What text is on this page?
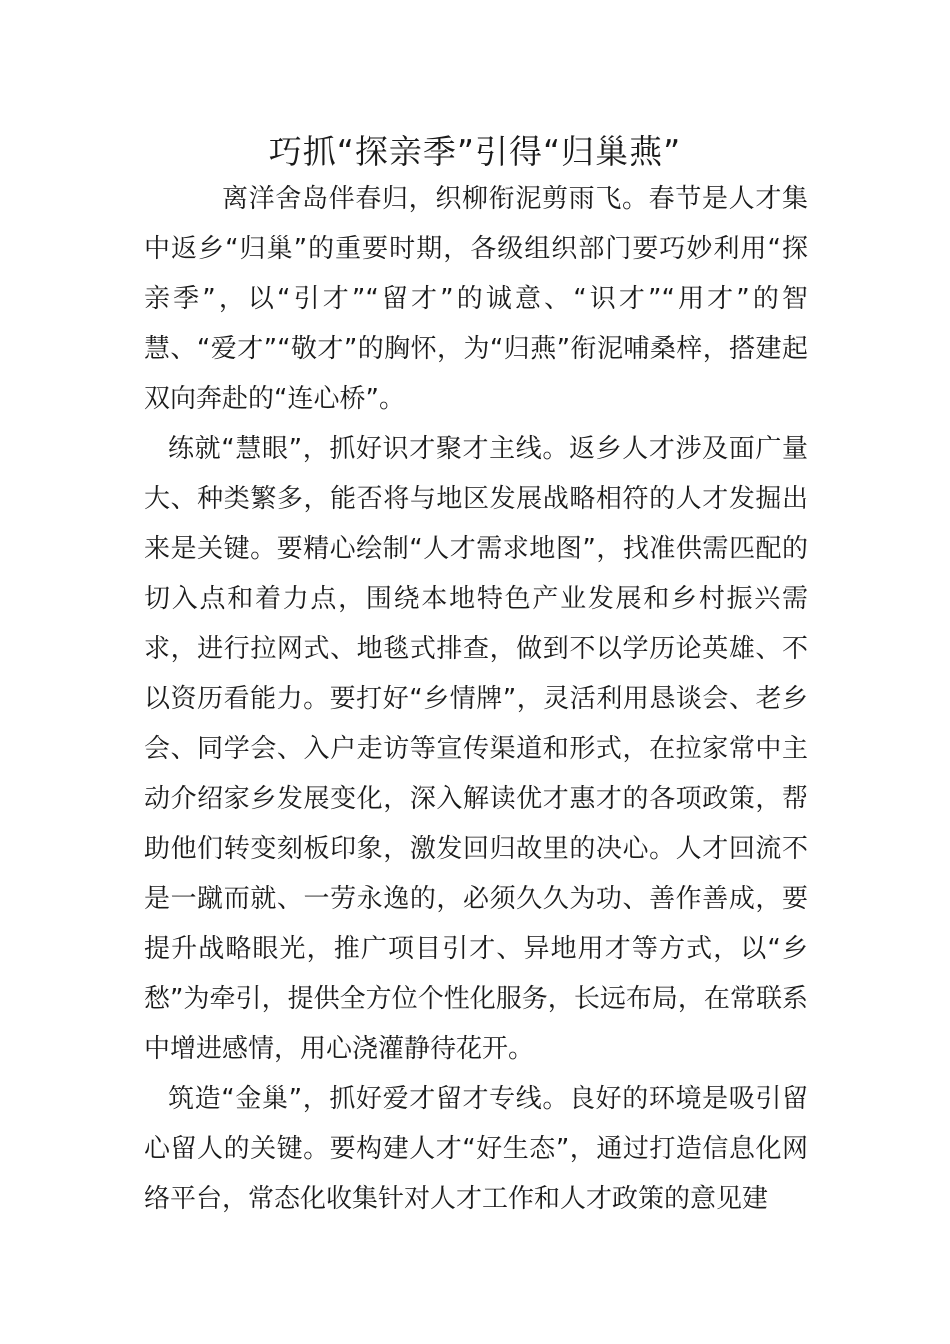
巧抓“探亲季”引得“归巢燕”

离洋舍岛伴春归，织柳衔泥剪雨飞。春节是人才集中返乡“归巢”的重要时期，各级组织部门要巧妙利用“探亲季”，以“引才”“留才”的诚意、“识才”“用才”的智慧、“爱才”“敬才”的胸怀，为“归燕”衔泥哺桑梓，搭建起双向奔赴的“连心桥”。

练就“慧眼”，抓好识才聚才主线。返乡人才涉及面广量大、种类繁多，能否将与地区发展战略相符的人才发掘出来是关键。要精心绘制“人才需求地图”，找准供需匹配的切入点和着力点，围绕本地特色产业发展和乡村振兴需求，进行拉网式、地毯式排查，做到不以学历论英雄、不以资历看能力。要打好“乡情牌”，灵活利用恳谈会、老乡会、同学会、入户走访等宣传渠道和形式，在拉家常中主动介绍家乡发展变化，深入解读优才惠才的各项政策，帮助他们转变刻板印象，激发回归故里的决心。人才回流不是一蹴而就、一劳永逸的，必须久久为功、善作善成，要提升战略眼光，推广项目引才、异地用才等方式，以“乡愁”为牵引，提供全方位个性化服务，长远布局，在常联系中增进感情，用心浇灌静待花开。

筑造“金巢”，抓好爱才留才专线。良好的环境是吸引留心留人的关键。要构建人才“好生态”，通过打造信息化网络平台，常态化收集针对人才工作和人才政策的意见建
